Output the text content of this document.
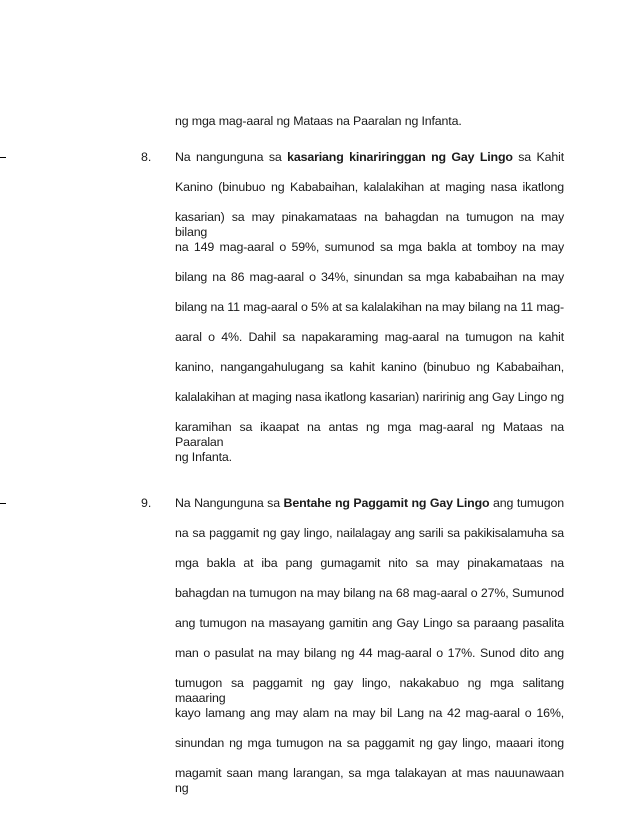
ng mga mag-aaral ng Mataas na Paaralan ng Infanta.
8. Na nangunguna sa kasariang kinariringgan ng Gay Lingo sa Kahit
Kanino (binubuo ng Kababaihan, kalalakihan at maging nasa ikatlong
kasarian) sa may pinakamataas na bahagdan na tumugon na may bilang
na 149 mag-aaral o 59%, sumunod sa mga bakla at tomboy na may
bilang na 86 mag-aaral o 34%, sinundan sa mga kababaihan na may
bilang na 11 mag-aaral o 5% at sa kalalakihan na may bilang na 11 mag-
aaral o 4%. Dahil sa napakaraming mag-aaral na tumugon na kahit
kanino, nangangahulugang sa kahit kanino (binubuo ng Kababaihan,
kalalakihan at maging nasa ikatlong kasarian) naririnig ang Gay Lingo ng
karamihan sa ikaapat na antas ng mga mag-aaral ng Mataas na Paaralan
ng Infanta.
9. Na Nangunguna sa Bentahe ng Paggamit ng Gay Lingo ang tumugon
na sa paggamit ng gay lingo, nailalagay ang sarili sa pakikisalamuha sa
mga bakla at iba pang gumagamit nito sa may pinakamataas na
bahagdan na tumugon na may bilang na 68 mag-aaral o 27%, Sumunod
ang tumugon na masayang gamitin ang Gay Lingo sa paraang pasalita
man o pasulat na may bilang ng 44 mag-aaral o 17%. Sunod dito ang
tumugon sa paggamit ng gay lingo, nakakabuo ng mga salitang maaaring
kayo lamang ang may alam na may bil Lang na 42 mag-aaral o 16%,
sinundan ng mga tumugon na sa paggamit ng gay lingo, maaari itong
magamit saan mang larangan, sa mga talakayan at mas nauunawaan ng
